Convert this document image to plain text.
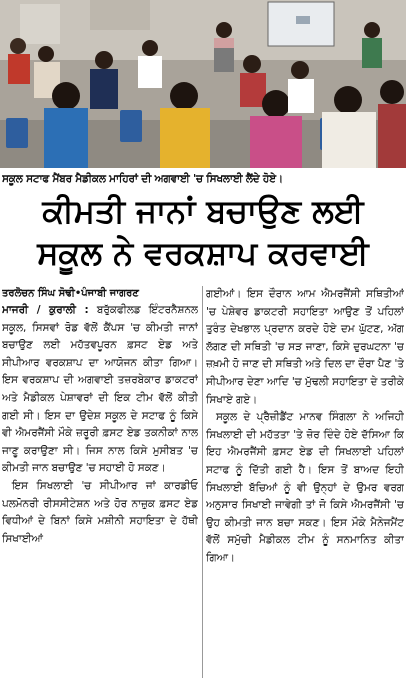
ਸਕੂਲ ਸਟਾਫ ਮੈਂਬਰ ਮੈਡੀਕਲ ਮਾਹਿਰਾਂ ਦੀ ਅਗਵਾਈ 'ਚ ਸਿਖਲਾਈ ਲੈਂਦੇ ਹੋਏ।
ਕੀਮਤੀ ਜਾਨਾਂ ਬਚਾਉਣ ਲਈ
ਸਕੂਲ ਨੇ ਵਰਕਸ਼ਾਪ ਕਰਵਾਈ
ਤਰਲੋਚਨ ਸਿੰਘ ਸੋਢੀ•ਪੰਜਾਬੀ ਜਾਗਰਣ

ਮਾਜਰੀ / ਕੁਰਾਲੀ : ਬਰੁੱਕਫੀਲਡ ਇੰਟਰਨੈਸ਼ਨਲ ਸਕੂਲ, ਸਿਸਵਾਂ ਰੋਡ ਵੱਲੋਂ ਕੈਂਪਸ 'ਚ ਕੀਮਤੀ ਜਾਨਾਂ ਬਚਾਉਣ ਲਈ ਮਹੱਤਵਪੂਰਨ ਫ਼ਸਟ ਏਡ ਅਤੇ ਸੀਪੀਆਰ ਵਰਕਸ਼ਾਪ ਦਾ ਆਯੋਜਨ ਕੀਤਾ ਗਿਆ। ਇਸ ਵਰਕਸ਼ਾਪ ਦੀ ਅਗਵਾਈ ਤਜ਼ਰਬੇਕਾਰ ਡਾਕਟਰਾਂ ਅਤੇ ਮੈਡੀਕਲ ਪੇਸ਼ਾਵਰਾਂ ਦੀ ਇਕ ਟੀਮ ਵੱਲੋਂ ਕੀਤੀ ਗਈ ਸੀ। ਇਸ ਦਾ ਉਦੇਸ਼ ਸਕੂਲ ਦੇ ਸਟਾਫ ਨੂੰ ਕਿਸੇ ਵੀ ਐਮਰਜੈਂਸੀ ਮੌਕੇ ਜ਼ਰੂਰੀ ਫ਼ਸਟ ਏਡ ਤਕਨੀਕਾਂ ਨਾਲ ਜਾਣੂ ਕਰਾਉਣਾ ਸੀ। ਜਿਸ ਨਾਲ ਕਿਸੇ ਮੁਸੀਬਤ 'ਚ ਕੀਮਤੀ ਜਾਨ ਬਚਾਉਣ 'ਚ ਸਹਾਈ ਹੋ ਸਕਣ।

ਇਸ ਸਿਖਲਾਈ 'ਚ ਸੀਪੀਆਰ ਜਾਂ ਕਾਰਡੀਓ ਪਲਮੋਨਰੀ ਰੀਸਸੀਟੇਸ਼ਨ ਅਤੇ ਹੋਰ ਨਾਜ਼ੁਕ ਫ਼ਸਟ ਏਡ ਵਿਧੀਆਂ ਦੇ ਬਿਨਾਂ ਕਿਸੇ ਮਸ਼ੀਨੀ ਸਹਾਇਤਾ ਦੇ ਹੱਥੀ ਸਿਖਾਈਆਂ

ਗਈਆਂ। ਇਸ ਦੌਰਾਨ ਆਮ ਐਮਰਜੈਂਸੀ ਸਥਿਤੀਆਂ 'ਚ ਪੇਸ਼ੇਵਰ ਡਾਕਟਰੀ ਸਹਾਇਤਾ ਆਉਣ ਤੋਂ ਪਹਿਲਾਂ ਤੁਰੰਤ ਦੇਖਭਾਲ ਪ੍ਰਦਾਨ ਕਰਦੇ ਹੋਏ ਦਮ ਘੁੱਟਣ, ਅੱਗ ਲੱਗਣ ਦੀ ਸਥਿਤੀ 'ਚ ਸੜ ਜਾਣਾ, ਕਿਸੇ ਦੁਰਘਟਨਾ 'ਚ ਜ਼ਖ਼ਮੀ ਹੋ ਜਾਣ ਦੀ ਸਥਿਤੀ ਅਤੇ ਦਿਲ ਦਾ ਦੌਰਾ ਪੈਣ 'ਤੇ ਸੀਪੀਆਰ ਦੇਣਾ ਆਦਿ 'ਚ ਮੁੱਢਲੀ ਸਹਾਇਤਾ ਦੇ ਤਰੀਕੇ ਸਿਖਾਏ ਗਏ।

ਸਕੂਲ ਦੇ ਪ੍ਰੈਜ਼ੀਡੈਂਟ ਮਾਨਵ ਸਿੰਗਲਾ ਨੇ ਅਜਿਹੀ ਸਿਖਲਾਈ ਦੀ ਮਹੱਤਤਾ 'ਤੇ ਜ਼ੋਰ ਦਿੰਦੇ ਹੋਏ ਦੱਸਿਆ ਕਿ ਇਹ ਐਮਰਜੈਂਸੀ ਫ਼ਸਟ ਏਡ ਦੀ ਸਿਖਲਾਈ ਪਹਿਲਾਂ ਸਟਾਫ ਨੂੰ ਦਿੱਤੀ ਗਈ ਹੈ। ਇਸ ਤੋਂ ਬਾਅਦ ਇਹੀ ਸਿਖਲਾਈ ਬੱਚਿਆਂ ਨੂੰ ਵੀ ਉਨ੍ਹਾਂ ਦੇ ਉਮਰ ਵਰਗ ਅਨੁਸਾਰ ਸਿਖਾਈ ਜਾਵੇਗੀ ਤਾਂ ਜੋ ਕਿਸੇ ਐਮਰਜੈਂਸੀ 'ਚ ਉਹ ਕੀਮਤੀ ਜਾਨ ਬਚਾ ਸਕਣ। ਇਸ ਮੌਕੇ ਮੈਨੇਜਮੈਂਟ ਵੱਲੋਂ ਸਮੁੱਚੀ ਮੈਡੀਕਲ ਟੀਮ ਨੂੰ ਸਨਮਾਨਿਤ ਕੀਤਾ ਗਿਆ।
